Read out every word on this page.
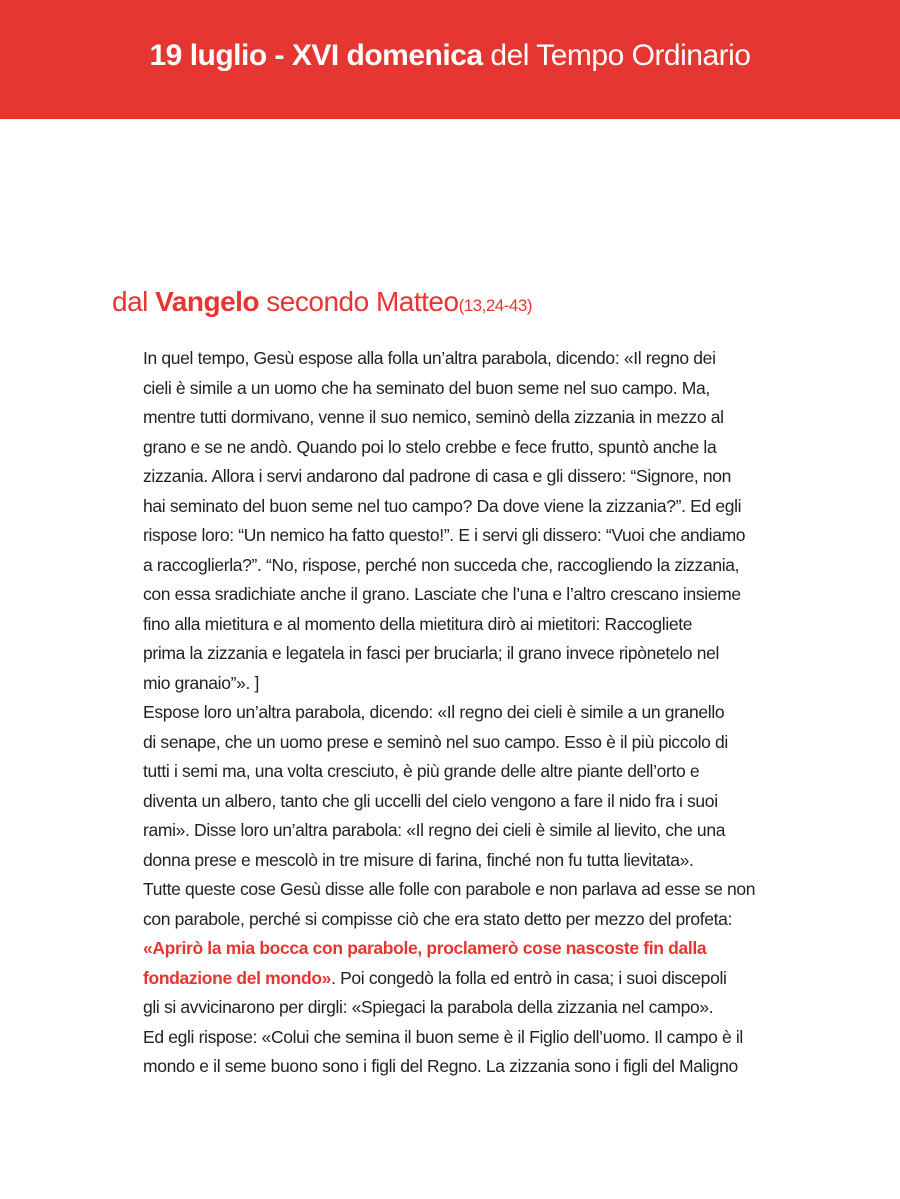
19 luglio - XVI domenica del Tempo Ordinario
dal Vangelo secondo Matteo(13,24-43)
In quel tempo, Gesù espose alla folla un’altra parabola, dicendo: «Il regno dei
cieli è simile a un uomo che ha seminato del buon seme nel suo campo. Ma,
mentre tutti dormivano, venne il suo nemico, seminò della zizzania in mezzo al
grano e se ne andò. Quando poi lo stelo crebbe e fece frutto, spuntò anche la
zizzania. Allora i servi andarono dal padrone di casa e gli dissero: “Signore, non
hai seminato del buon seme nel tuo campo? Da dove viene la zizzania?”. Ed egli
rispose loro: “Un nemico ha fatto questo!”. E i servi gli dissero: “Vuoi che andiamo
a raccoglierla?”. “No, rispose, perché non succeda che, raccogliendo la zizzania,
con essa sradichiate anche il grano. Lasciate che l’una e l’altro crescano insieme
fino alla mietitura e al momento della mietitura dirò ai mietitori: Raccogliete
prima la zizzania e legatela in fasci per bruciarla; il grano invece ripònetelo nel
mio granaio”». ]
Espose loro un’altra parabola, dicendo: «Il regno dei cieli è simile a un granello
di senape, che un uomo prese e seminò nel suo campo. Esso è il più piccolo di
tutti i semi ma, una volta cresciuto, è più grande delle altre piante dell’orto e
diventa un albero, tanto che gli uccelli del cielo vengono a fare il nido fra i suoi
rami». Disse loro un’altra parabola: «Il regno dei cieli è simile al lievito, che una
donna prese e mescolò in tre misure di farina, finché non fu tutta lievitata».
Tutte queste cose Gesù disse alle folle con parabole e non parlava ad esse se non
con parabole, perché si compisse ciò che era stato detto per mezzo del profeta:
«Aprirò la mia bocca con parabole, proclamerò cose nascoste fin dalla
fondazione del mondo». Poi congedò la folla ed entrò in casa; i suoi discepoli
gli si avvicinarono per dirgli: «Spiegaci la parabola della zizzania nel campo».
Ed egli rispose: «Colui che semina il buon seme è il Figlio dell’uomo. Il campo è il
mondo e il seme buono sono i figli del Regno. La zizzania sono i figli del Maligno
